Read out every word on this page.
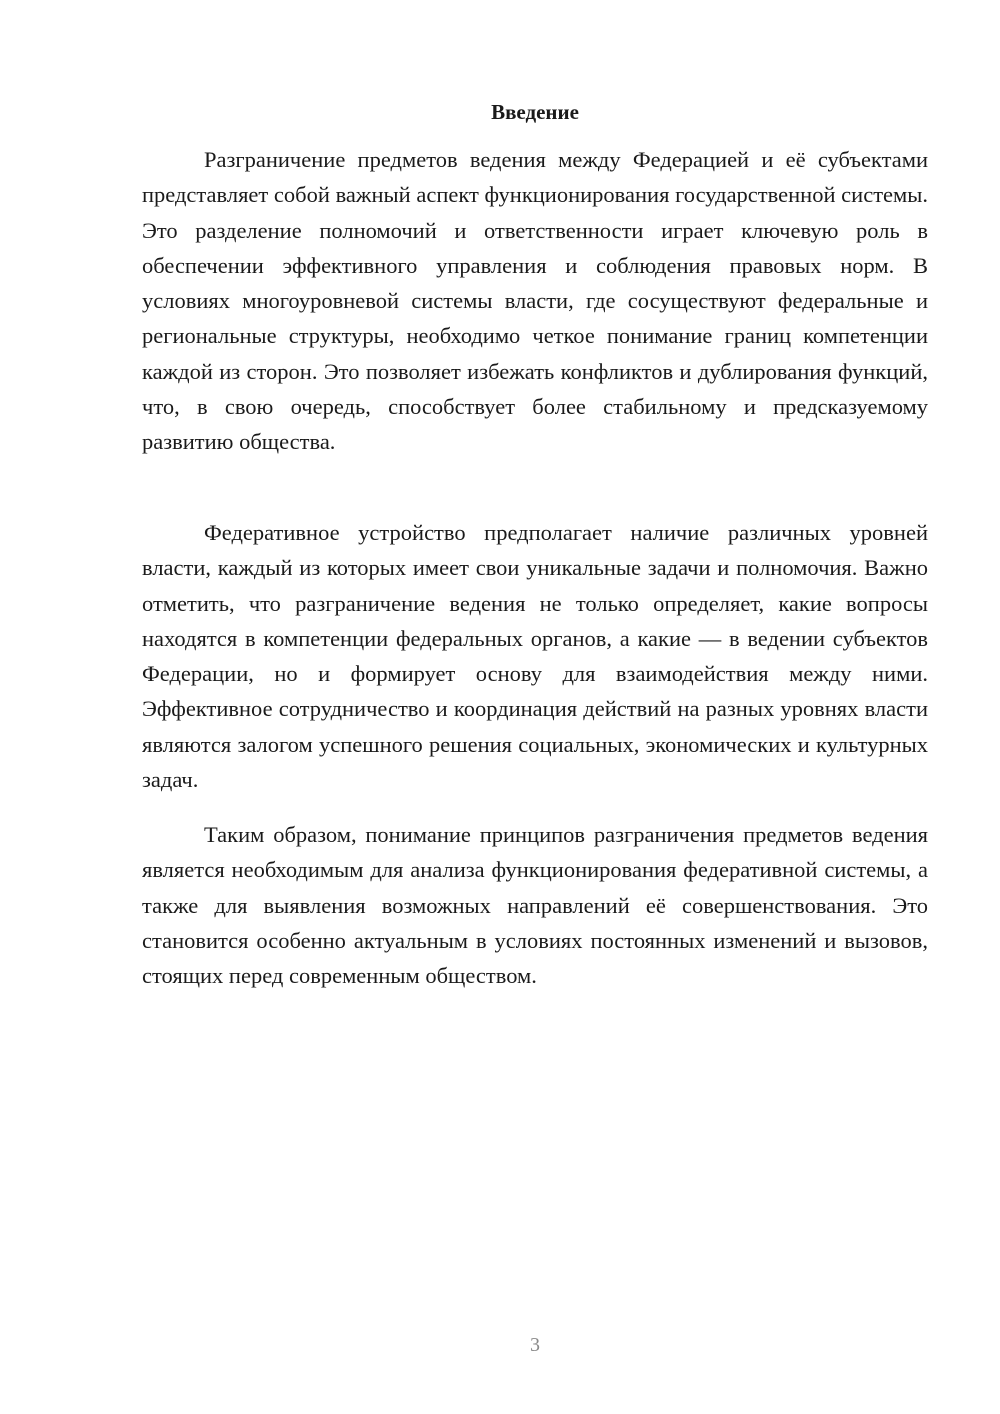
Введение

Разграничение предметов ведения между Федерацией и её субъектами представляет собой важный аспект функционирования государственной системы. Это разделение полномочий и ответственности играет ключевую роль в обеспечении эффективного управления и соблюдения правовых норм. В условиях многоуровневой системы власти, где сосуществуют федеральные и региональные структуры, необходимо четкое понимание границ компетенции каждой из сторон. Это позволяет избежать конфликтов и дублирования функций, что, в свою очередь, способствует более стабильному и предсказуемому развитию общества.

Федеративное устройство предполагает наличие различных уровней власти, каждый из которых имеет свои уникальные задачи и полномочия. Важно отметить, что разграничение ведения не только определяет, какие вопросы находятся в компетенции федеральных органов, а какие — в ведении субъектов Федерации, но и формирует основу для взаимодействия между ними. Эффективное сотрудничество и координация действий на разных уровнях власти являются залогом успешного решения социальных, экономических и культурных задач.

Таким образом, понимание принципов разграничения предметов ведения является необходимым для анализа функционирования федеративной системы, а также для выявления возможных направлений её совершенствования. Это становится особенно актуальным в условиях постоянных изменений и вызовов, стоящих перед современным обществом.

3
